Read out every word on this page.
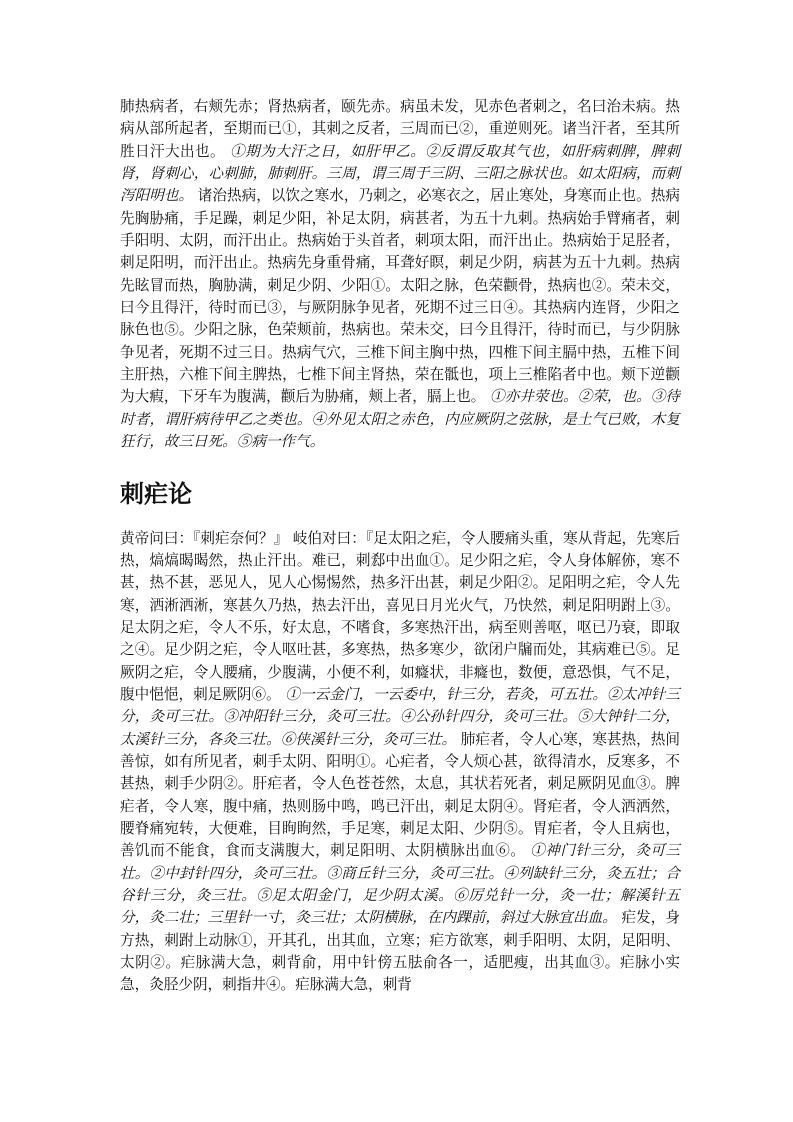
肺热病者，右颊先赤；肾热病者，颐先赤。病虽未发，见赤色者刺之，名曰治未病。热病从部所起者，至期而已①，其刺之反者，三周而已②，重逆则死。诸当汗者，至其所胜日汗大出也。 ①期为大汗之日，如肝甲乙。②反谓反取其气也，如肝病刺脾，脾刺肾，肾刺心，心刺肺，肺刺肝。三周，谓三周于三阴、三阳之脉状也。如太阳病，而刺泻阳明也。 诸治热病，以饮之寒水，乃刺之，必寒衣之，居止寒处，身寒而止也。热病先胸胁痛，手足躁，刺足少阳，补足太阴，病甚者，为五十九刺。热病始手臂痛者，刺手阳明、太阴，而汗出止。热病始于头首者，刺项太阳，而汗出止。热病始于足胫者，刺足阳明，而汗出止。热病先身重骨痛，耳聋好瞑，刺足少阴，病甚为五十九刺。热病先眩冒而热，胸胁满，刺足少阴、少阳①。太阳之脉，色荣颧骨，热病也②。荣未交，曰今且得汗，待时而已③，与厥阴脉争见者，死期不过三日④。其热病内连肾，少阳之脉色也⑤。少阳之脉，色荣颊前，热病也。荣未交，曰今且得汗，待时而已，与少阴脉争见者，死期不过三日。热病气穴，三椎下间主胸中热，四椎下间主膈中热，五椎下间主肝热，六椎下间主脾热，七椎下间主肾热，荣在骶也，项上三椎陷者中也。颊下逆颧为大瘕，下牙车为腹满，颧后为胁痛，颊上者，膈上也。 ①亦井荥也。②荣，也。③待时者，谓肝病待甲乙之类也。④外见太阳之赤色，内应厥阴之弦脉，是土气已败，木复狂行，故三日死。⑤病一作气。

刺疟论

黄帝问曰：『刺疟奈何？』 岐伯对曰：『足太阳之疟，令人腰痛头重，寒从背起，先寒后热，熇熇暍暍然，热止汗出。难已，刺郄中出血①。足少阳之疟，令人身体解㑊，寒不甚，热不甚，恶见人，见人心惕惕然，热多汗出甚，刺足少阳②。足阳明之疟，令人先寒，洒淅洒淅，寒甚久乃热，热去汗出，喜见日月光火气，乃快然，刺足阳明跗上③。足太阴之疟，令人不乐，好太息，不嗜食，多寒热汗出，病至则善呕，呕已乃衰，即取之④。足少阴之疟，令人呕吐甚，多寒热，热多寒少，欲闭户牖而处，其病难已⑤。足厥阴之疟，令人腰痛，少腹满，小便不利，如癃状，非癃也，数便，意恐惧，气不足，腹中悒悒，刺足厥阴⑥。 ①一云金门，一云委中，针三分，若灸，可五壮。②太冲针三分，灸可三壮。③冲阳针三分，灸可三壮。④公孙针四分，灸可三壮。⑤大钟针二分，太溪针三分，各灸三壮。⑥侠溪针三分，灸可三壮。 肺疟者，令人心寒，寒甚热，热间善惊，如有所见者，刺手太阴、阳明①。心疟者，令人烦心甚，欲得清水，反寒多，不甚热，刺手少阴②。肝疟者，令人色苍苍然，太息，其状若死者，刺足厥阴见血③。脾疟者，令人寒，腹中痛，热则肠中鸣，鸣已汗出，刺足太阴④。肾疟者，令人洒洒然，腰脊痛宛转，大便难，目眴眴然，手足寒，刺足太阳、少阴⑤。胃疟者，令人且病也，善饥而不能食，食而支满腹大，刺足阳明、太阴横脉出血⑥。 ①神门针三分，灸可三壮。②中封针四分，灸可三壮。③商丘针三分，灸可三壮。④列缺针三分，灸五壮；合谷针三分，灸三壮。⑤足太阳金门，足少阴太溪。⑥厉兑针一分，灸一壮；解溪针五分，灸二壮；三里针一寸，灸三壮；太阴横脉，在内踝前，斜过大脉宜出血。 疟发，身方热，刺跗上动脉①，开其孔，出其血，立寒；疟方欲寒，刺手阳明、太阴，足阳明、太阴②。疟脉满大急，刺背俞，用中针傍五胠俞各一，适肥瘦，出其血③。疟脉小实急，灸胫少阴，刺指井④。疟脉满大急，刺背
